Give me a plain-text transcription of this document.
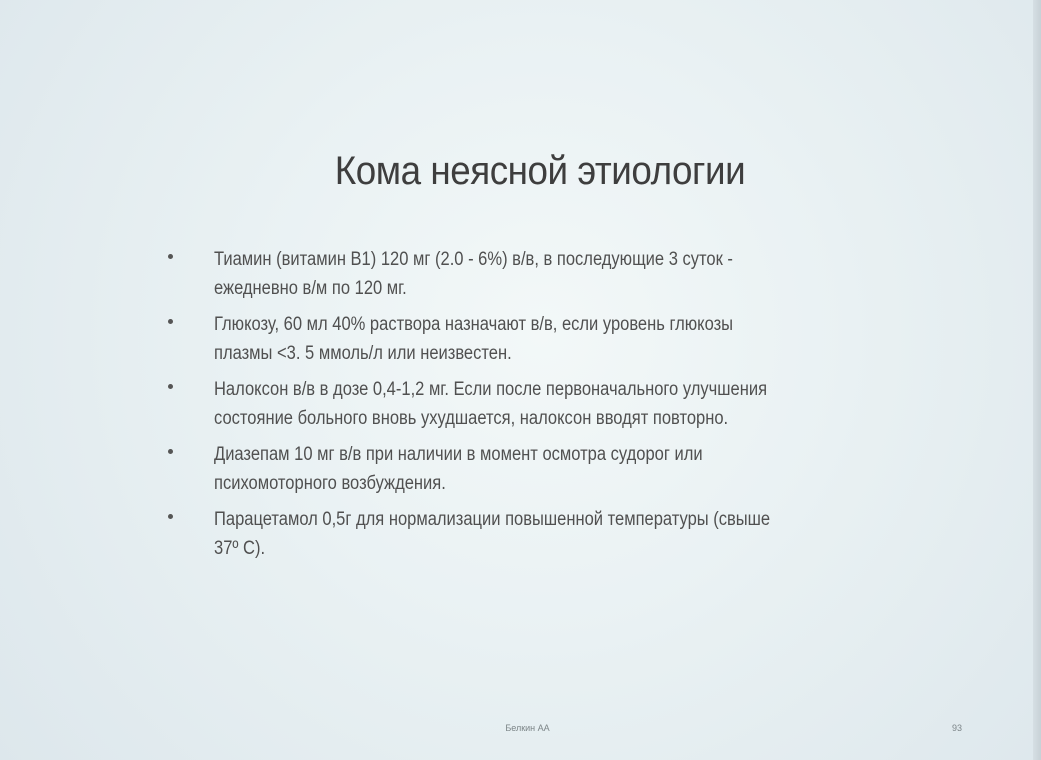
Кома неясной этиологии
Тиамин (витамин В1) 120 мг (2.0 - 6%) в/в, в последующие 3 суток -
ежедневно в/м по 120 мг.
Глюкозу, 60 мл 40% раствора назначают в/в, если уровень глюкозы
плазмы <3. 5 ммоль/л или неизвестен.
Налоксон в/в в дозе 0,4-1,2 мг. Если после первоначального улучшения
состояние больного вновь ухудшается, налоксон вводят повторно.
Диазепам 10 мг в/в при наличии в момент осмотра судорог или
психомоторного возбуждения.
Парацетамол 0,5г для нормализации повышенной температуры (свыше
37º С).
Белкин АА	93
